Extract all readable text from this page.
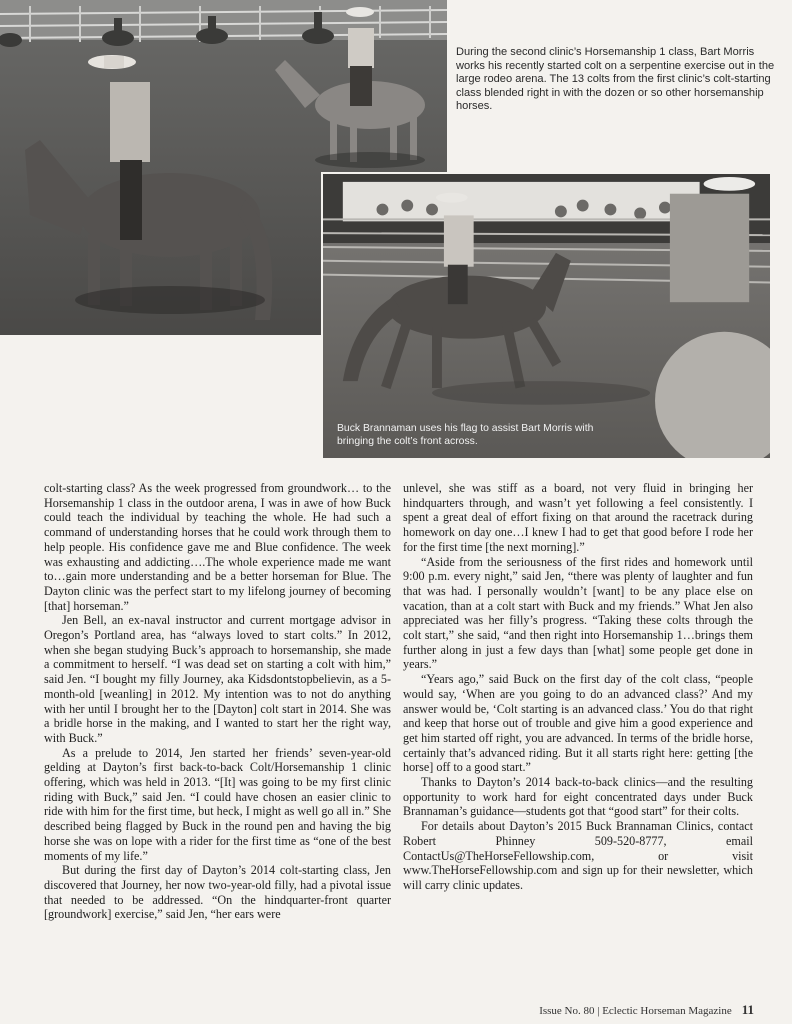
During the second clinic’s Horsemanship 1 class, Bart Morris works his recently started colt on a serpentine exercise out in the large rodeo arena. The 13 colts from the first clinic’s colt-starting class blended right in with the dozen or so other horsemanship horses.
Buck Brannaman uses his flag to assist Bart Morris with bringing the colt’s front across.

colt-starting class? As the week progressed from groundwork… to the Horsemanship 1 class in the outdoor arena, I was in awe of how Buck could teach the individual by teaching the whole. He had such a command of understanding horses that he could work through them to help people. His confidence gave me and Blue confidence. The week was exhausting and addicting….The whole experience made me want to…gain more understanding and be a better horseman for Blue. The Dayton clinic was the perfect start to my lifelong journey of becoming [that] horseman.”

Jen Bell, an ex-naval instructor and current mortgage advisor in Oregon’s Portland area, has “always loved to start colts.” In 2012, when she began studying Buck’s approach to horsemanship, she made a commitment to herself. “I was dead set on starting a colt with him,” said Jen. “I bought my filly Journey, aka Kidsdontstopbelievin, as a 5-month-old [weanling] in 2012. My intention was to not do anything with her until I brought her to the [Dayton] colt start in 2014. She was a bridle horse in the making, and I wanted to start her the right way, with Buck.”

As a prelude to 2014, Jen started her friends’ seven-year-old gelding at Dayton’s first back-to-back Colt/Horsemanship 1 clinic offering, which was held in 2013. “[It] was going to be my first clinic riding with Buck,” said Jen. “I could have chosen an easier clinic to ride with him for the first time, but heck, I might as well go all in.” She described being flagged by Buck in the round pen and having the big horse she was on lope with a rider for the first time as “one of the best moments of my life.”

But during the first day of Dayton’s 2014 colt-starting class, Jen discovered that Journey, her now two-year-old filly, had a pivotal issue that needed to be addressed. “On the hindquarter-front quarter [groundwork] exercise,” said Jen, “her ears were

unlevel, she was stiff as a board, not very fluid in bringing her hindquarters through, and wasn’t yet following a feel consistently. I spent a great deal of effort fixing on that around the racetrack during homework on day one…I knew I had to get that good before I rode her for the first time [the next morning].”

“Aside from the seriousness of the first rides and homework until 9:00 p.m. every night,” said Jen, “there was plenty of laughter and fun that was had. I personally wouldn’t [want] to be any place else on vacation, than at a colt start with Buck and my friends.” What Jen also appreciated was her filly’s progress. “Taking these colts through the colt start,” she said, “and then right into Horsemanship 1…brings them further along in just a few days than [what] some people get done in years.”

“Years ago,” said Buck on the first day of the colt class, “people would say, ‘When are you going to do an advanced class?’ And my answer would be, ‘Colt starting is an advanced class.’ You do that right and keep that horse out of trouble and give him a good experience and get him started off right, you are advanced. In terms of the bridle horse, certainly that’s advanced riding. But it all starts right here: getting [the horse] off to a good start.”

Thanks to Dayton’s 2014 back-to-back clinics—and the resulting opportunity to work hard for eight concentrated days under Buck Brannaman’s guidance—students got that “good start” for their colts.

For details about Dayton’s 2015 Buck Brannaman Clinics, contact Robert Phinney 509-520-8777, email ContactUs@TheHorseFellowship.com, or visit www.TheHorseFellowship.com and sign up for their newsletter, which will carry clinic updates.

Issue No. 80 | Eclectic Horseman Magazine 11
